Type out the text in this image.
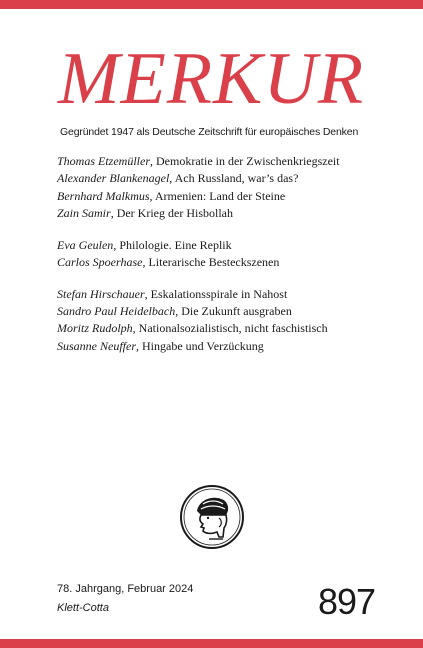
MERKUR
Gegründet 1947 als Deutsche Zeitschrift für europäisches Denken
Thomas Etzemüller, Demokratie in der Zwischenkriegszeit
Alexander Blankenagel, Ach Russland, war’s das?
Bernhard Malkmus, Armenien: Land der Steine
Zain Samir, Der Krieg der Hisbollah
Eva Geulen, Philologie. Eine Replik
Carlos Spoerhase, Literarische Besteckszenen
Stefan Hirschauer, Eskalationsspirale in Nahost
Sandro Paul Heidelbach, Die Zukunft ausgraben
Moritz Rudolph, Nationalsozialistisch, nicht faschistisch
Susanne Neuffer, Hingabe und Verzückung
78. Jahrgang, Februar 2024
Klett-Cotta	897
